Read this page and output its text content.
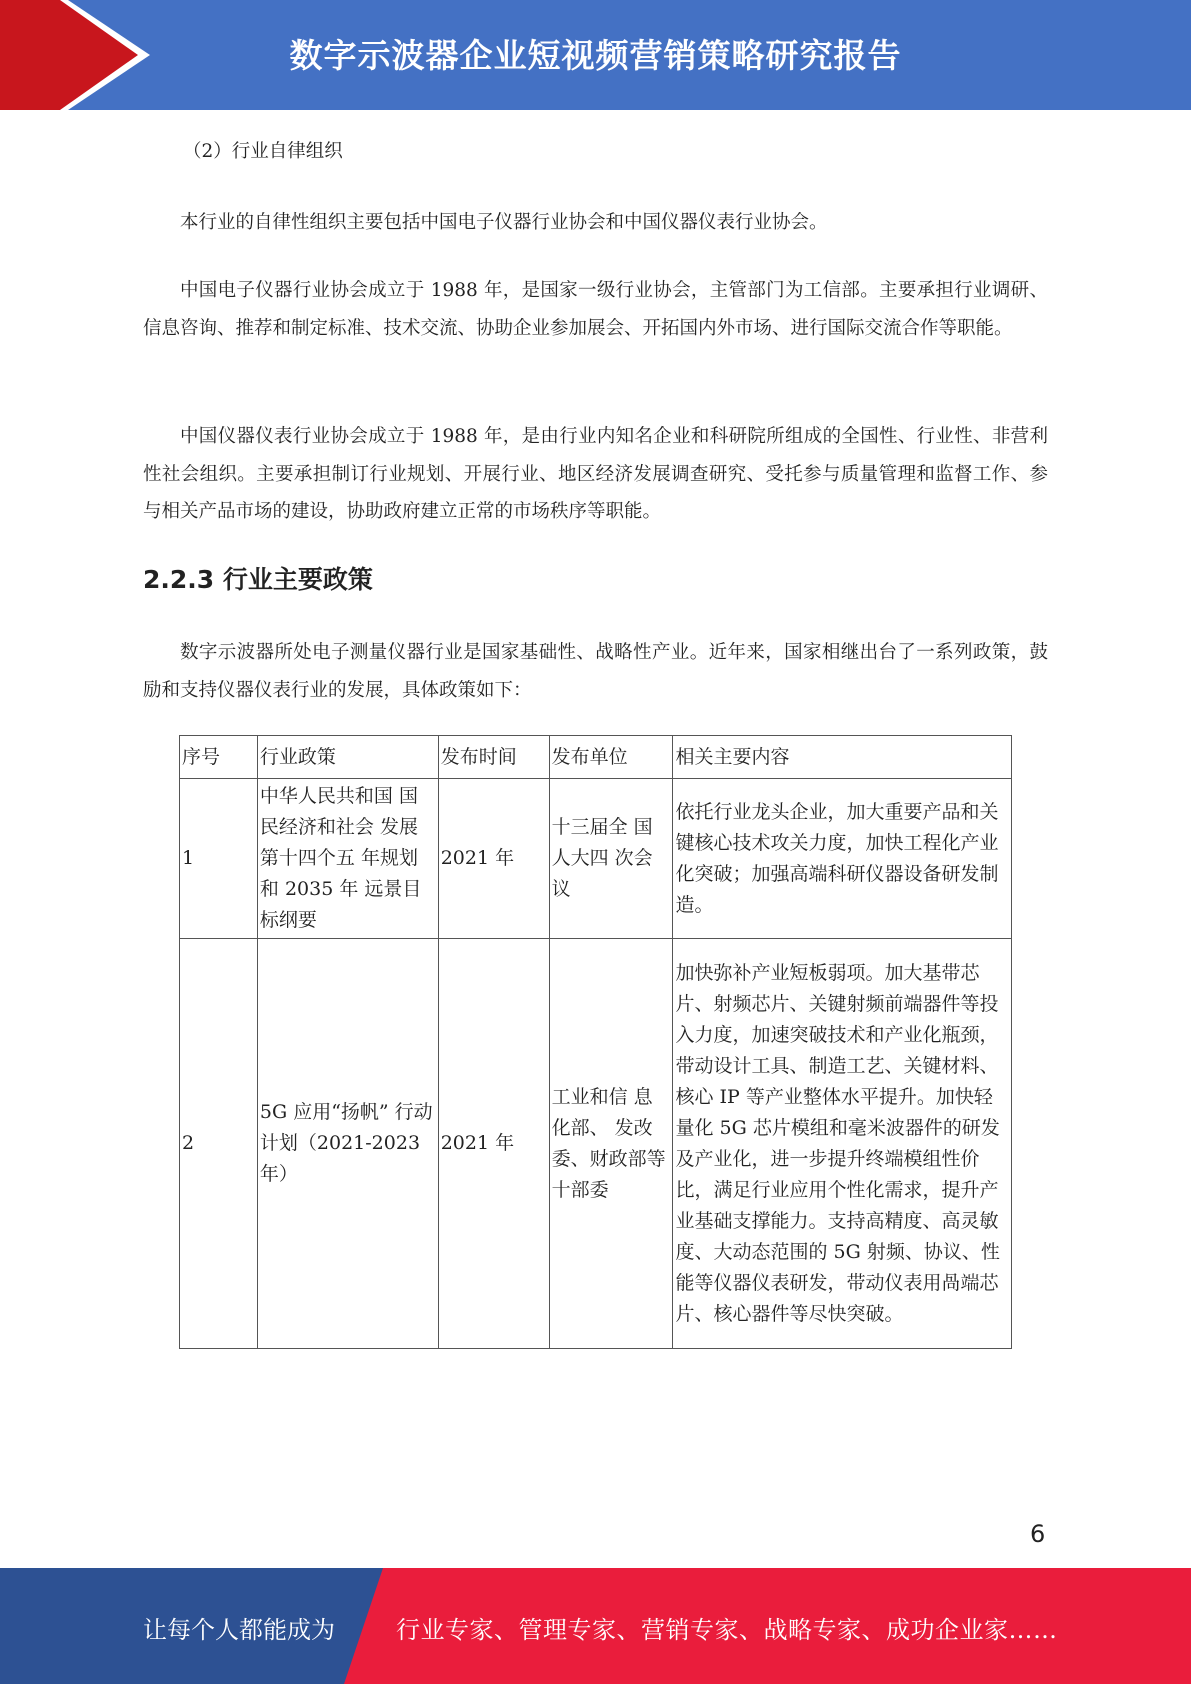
数字示波器企业短视频营销策略研究报告

（2）行业自律组织

本行业的自律性组织主要包括中国电子仪器行业协会和中国仪器仪表行业协会。

中国电子仪器行业协会成立于 1988 年，是国家一级行业协会，主管部门为工信部。主要承担行业调研、信息咨询、推荐和制定标准、技术交流、协助企业参加展会、开拓国内外市场、进行国际交流合作等职能。

中国仪器仪表行业协会成立于 1988 年，是由行业内知名企业和科研院所组成的全国性、行业性、非营利性社会组织。主要承担制订行业规划、开展行业、地区经济发展调查研究、受托参与质量管理和监督工作、参与相关产品市场的建设，协助政府建立正常的市场秩序等职能。

2.2.3 行业主要政策

数字示波器所处电子测量仪器行业是国家基础性、战略性产业。近年来，国家相继出台了一系列政策，鼓励和支持仪器仪表行业的发展，具体政策如下：

序号	行业政策	发布时间	发布单位	相关主要内容
1	中华人民共和国 国民经济和社会 发展第十四个五 年规划和 2035 年 远景目标纲要	2021 年	十三届全 国人大四 次会议	依托行业龙头企业，加大重要产品和关键核心技术攻关力度，加快工程化产业化突破；加强高端科研仪器设备研发制造。
2	5G 应用“扬帆” 行动计划（2021-2023 年）	2021 年	工业和信 息化部、 发改委、财政部等 十部委	加快弥补产业短板弱项。加大基带芯片、射频芯片、关键射频前端器件等投入力度，加速突破技术和产业化瓶颈，带动设计工具、制造工艺、关键材料、核心 IP 等产业整体水平提升。加快轻量化 5G 芯片模组和毫米波器件的研发及产业化，进一步提升终端模组性价比，满足行业应用个性化需求，提升产业基础支撑能力。支持高精度、高灵敏度、大动态范围的 5G 射频、协议、性能等仪器仪表研发，带动仪表用咼端芯片、核心器件等尽快突破。
6
让每个人都能成为	行业专家、管理专家、营销专家、战略专家、成功企业家……
